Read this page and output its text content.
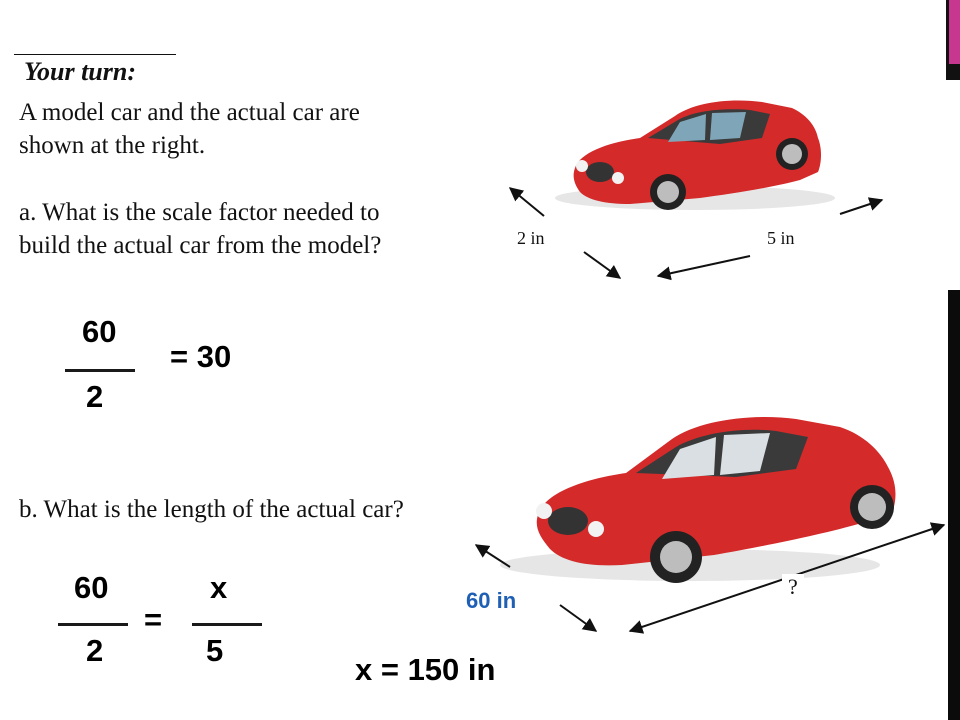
Your turn:
A model car and the actual car are
shown at the right.
a. What is the scale factor needed to
build the actual car from the model?
60
2
= 30
b. What is the length of the actual car?
60
2
=
x
5
x = 150 in
2 in	5 in
60 in
?
